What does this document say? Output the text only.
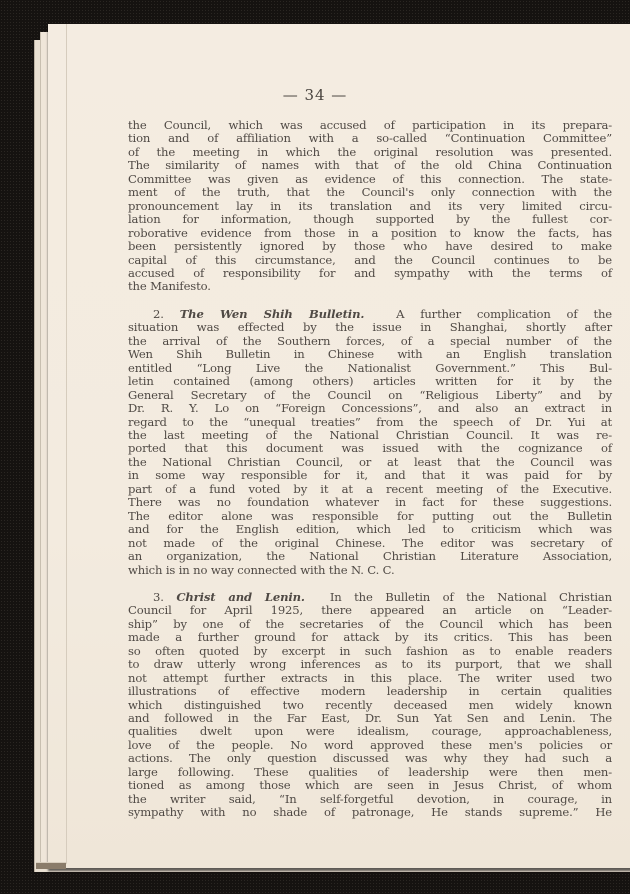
— 34 —
the Council, which was accused of participation in its prepara-
tion and of affiliation with a so-called “Continuation Committee”
of the meeting in which the original resolution was presented.
The similarity of names with that of the old China Continuation
Committee was given as evidence of this connection. The state-
ment of the truth, that the Council's only connection with the
pronouncement lay in its translation and its very limited circu-
lation for information, though supported by the fullest cor-
roborative evidence from those in a position to know the facts, has
been persistently ignored by those who have desired to make
capital of this circumstance, and the Council continues to be
accused of responsibility for and sympathy with the terms of
the Manifesto.
2. The Wen Shih Bulletin.	A further complication of the
situation was effected by the issue in Shanghai, shortly after
the arrival of the Southern forces, of a special number of the
Wen Shih Bulletin in Chinese with an English translation
entitled “Long Live the Nationalist Government.” This Bul-
letin contained (among others) articles written for it by the
General Secretary of the Council on “Religious Liberty” and by
Dr. R. Y. Lo on “Foreign Concessions”, and also an extract in
regard to the “unequal treaties” from the speech of Dr. Yui at
the last meeting of the National Christian Council. It was re-
ported that this document was issued with the cognizance of
the National Christian Council, or at least that the Council was
in some way responsible for it, and that it was paid for by
part of a fund voted by it at a recent meeting of the Executive.
There was no foundation whatever in fact for these suggestions.
The editor alone was responsible for putting out the Bulletin
and for the English edition, which led to criticism which was
not made of the original Chinese. The editor was secretary of
an organization, the National Christian Literature Association,
which is in no way connected with the N. C. C.
3. Christ and Lenin. In the Bulletin of the National Christian
Council for April 1925, there appeared an article on “Leader-
ship” by one of the secretaries of the Council which has been
made a further ground for attack by its critics. This has been
so often quoted by excerpt in such fashion as to enable readers
to draw utterly wrong inferences as to its purport, that we shall
not attempt further extracts in this place. The writer used two
illustrations of effective modern leadership in certain qualities
which distinguished two recently deceased men widely known
and followed in the Far East, Dr. Sun Yat Sen and Lenin. The
qualities dwelt upon were idealism, courage, approachableness,
love of the people. No word approved these men's policies or
actions. The only question discussed was why they had such a
large following. These qualities of leadership were then men-
tioned as among those which are seen in Jesus Christ, of whom
the writer said, “In self-forgetful devotion, in courage, in
sympathy with no shade of patronage, He stands supreme.” He
